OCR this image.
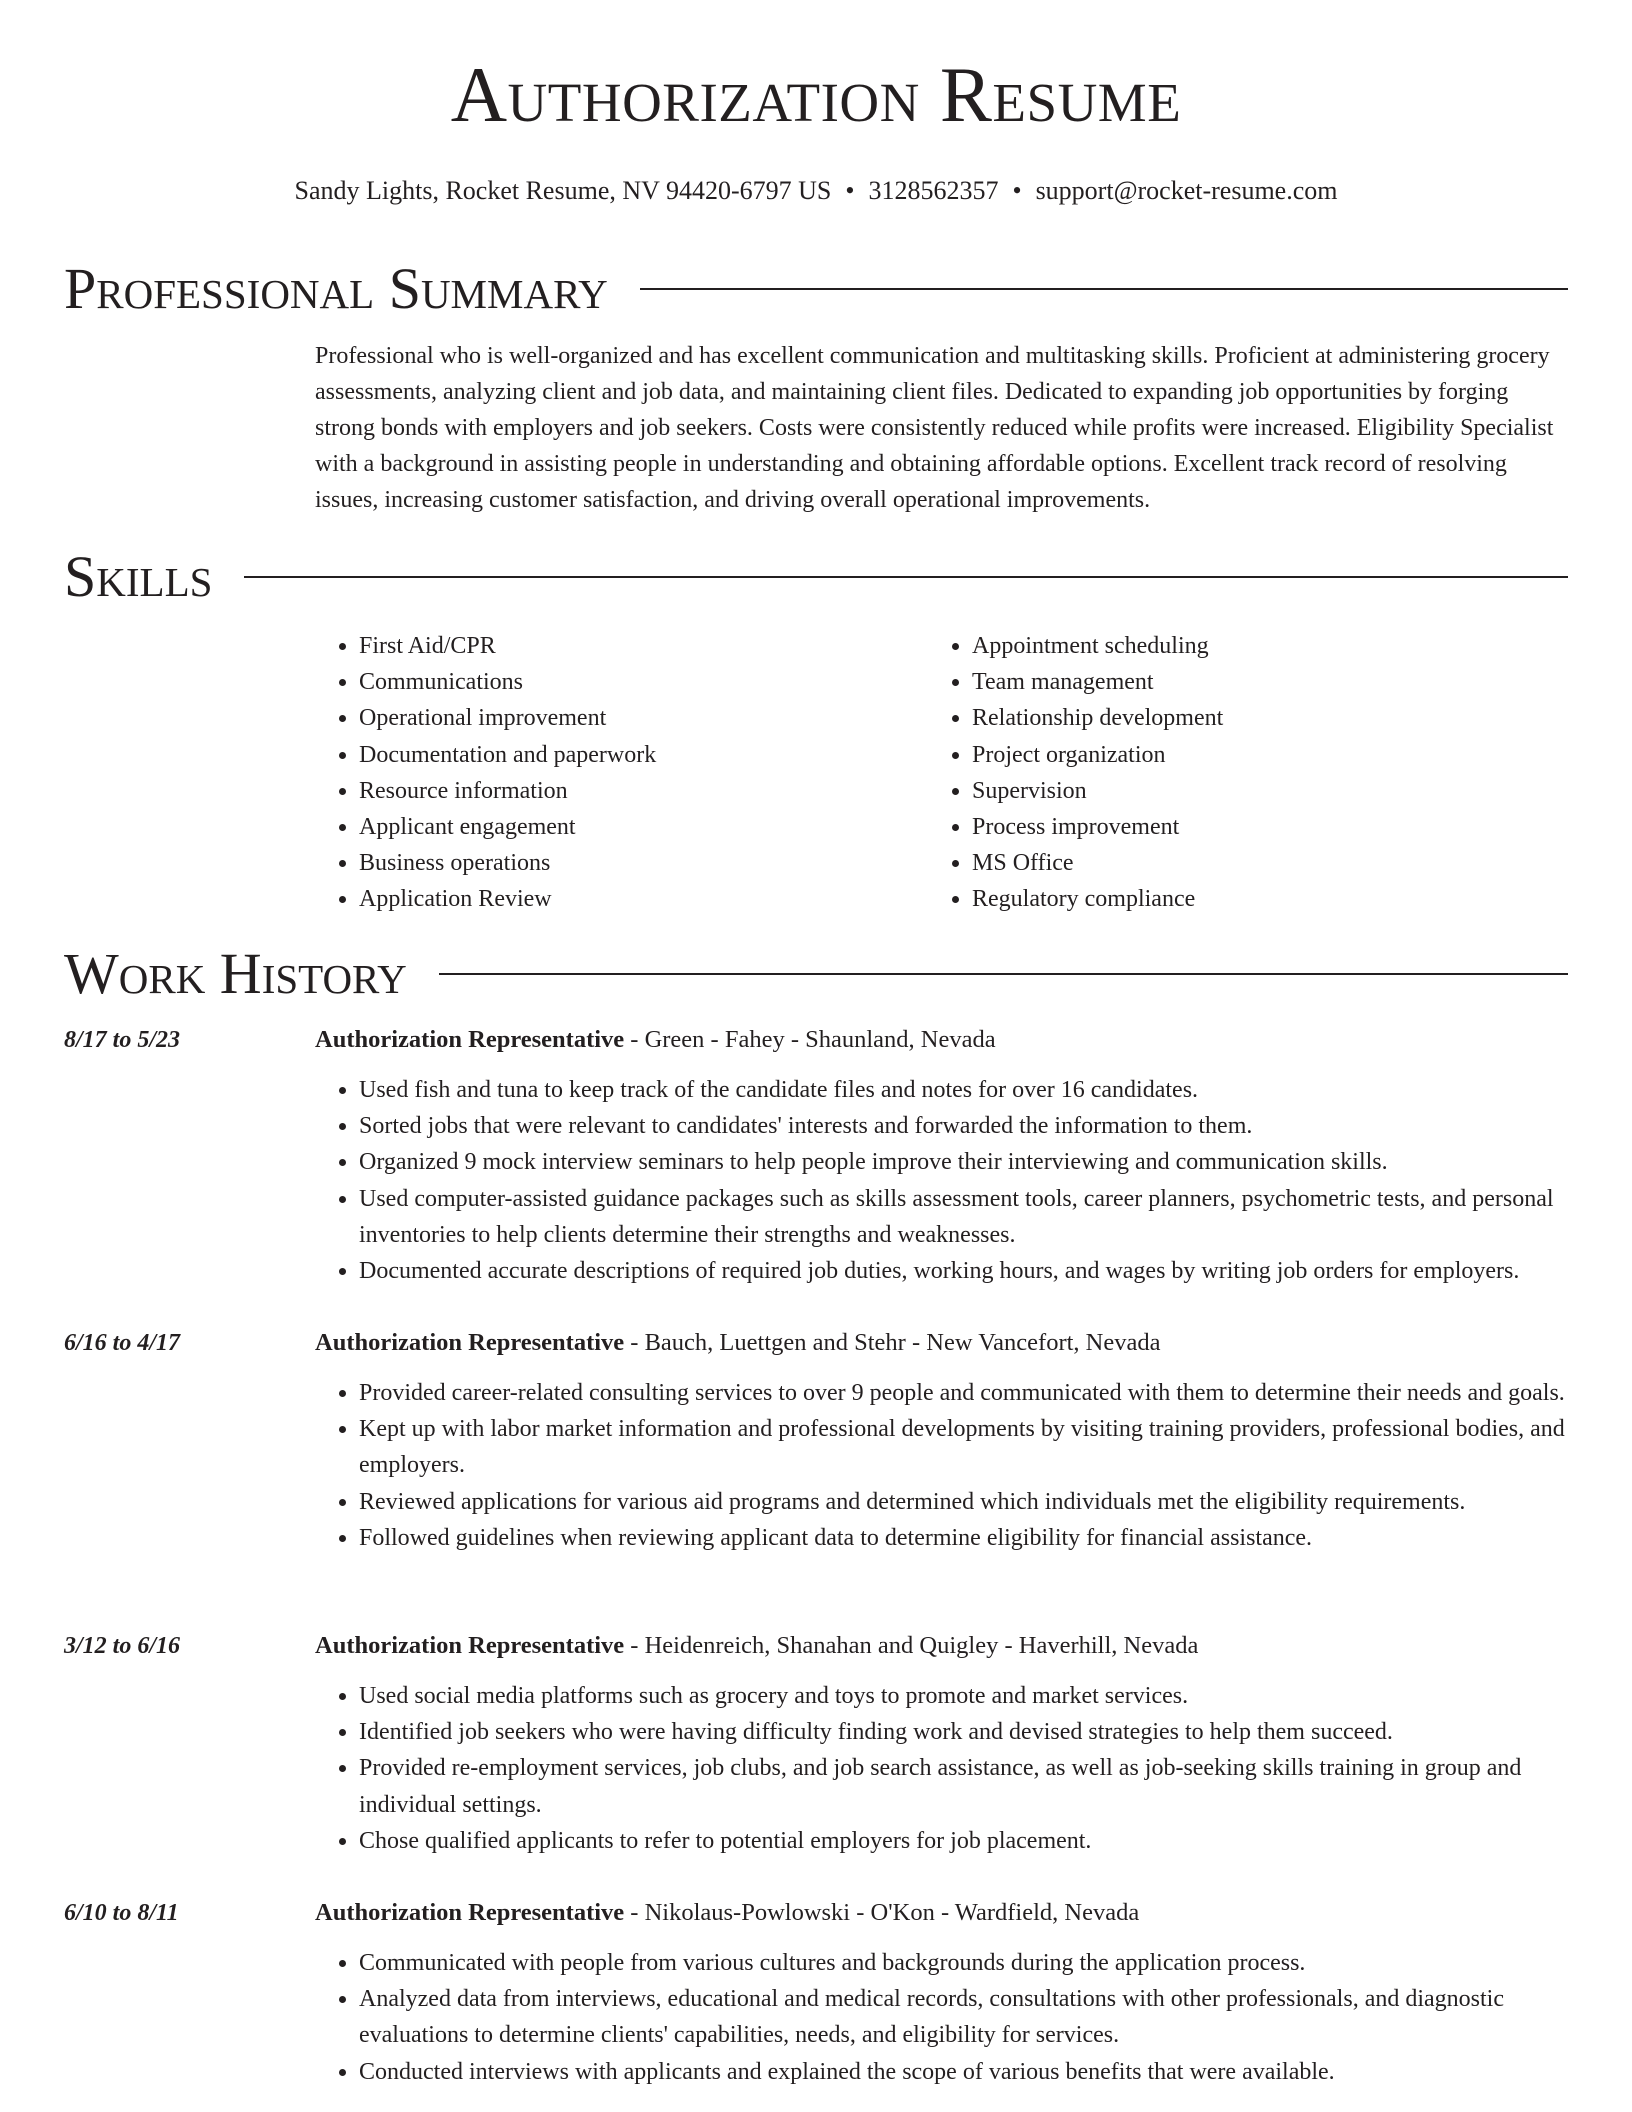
Authorization Resume
Sandy Lights, Rocket Resume, NV 94420-6797 US • 3128562357 • support@rocket-resume.com
Professional Summary

Professional who is well-organized and has excellent communication and multitasking skills. Proficient at administering grocery assessments, analyzing client and job data, and maintaining client files. Dedicated to expanding job opportunities by forging strong bonds with employers and job seekers. Costs were consistently reduced while profits were increased. Eligibility Specialist with a background in assisting people in understanding and obtaining affordable options. Excellent track record of resolving issues, increasing customer satisfaction, and driving overall operational improvements.

Skills
• First Aid/CPR
• Communications
• Operational improvement
• Documentation and paperwork
• Resource information
• Applicant engagement
• Business operations
• Application Review
• Appointment scheduling
• Team management
• Relationship development
• Project organization
• Supervision
• Process improvement
• MS Office
• Regulatory compliance
Work History
8/17 to 5/23	Authorization Representative - Green - Fahey - Shaunland, Nevada
• Used fish and tuna to keep track of the candidate files and notes for over 16 candidates.
• Sorted jobs that were relevant to candidates' interests and forwarded the information to them.
• Organized 9 mock interview seminars to help people improve their interviewing and communication skills.
• Used computer-assisted guidance packages such as skills assessment tools, career planners, psychometric tests, and personal inventories to help clients determine their strengths and weaknesses.
• Documented accurate descriptions of required job duties, working hours, and wages by writing job orders for employers.
6/16 to 4/17	Authorization Representative - Bauch, Luettgen and Stehr - New Vancefort, Nevada
• Provided career-related consulting services to over 9 people and communicated with them to determine their needs and goals.
• Kept up with labor market information and professional developments by visiting training providers, professional bodies, and employers.
• Reviewed applications for various aid programs and determined which individuals met the eligibility requirements.
• Followed guidelines when reviewing applicant data to determine eligibility for financial assistance.
3/12 to 6/16	Authorization Representative - Heidenreich, Shanahan and Quigley - Haverhill, Nevada
• Used social media platforms such as grocery and toys to promote and market services.
• Identified job seekers who were having difficulty finding work and devised strategies to help them succeed.
• Provided re-employment services, job clubs, and job search assistance, as well as job-seeking skills training in group and individual settings.
• Chose qualified applicants to refer to potential employers for job placement.
6/10 to 8/11	Authorization Representative - Nikolaus-Powlowski - O'Kon - Wardfield, Nevada
• Communicated with people from various cultures and backgrounds during the application process.
• Analyzed data from interviews, educational and medical records, consultations with other professionals, and diagnostic evaluations to determine clients' capabilities, needs, and eligibility for services.
• Conducted interviews with applicants and explained the scope of various benefits that were available.
